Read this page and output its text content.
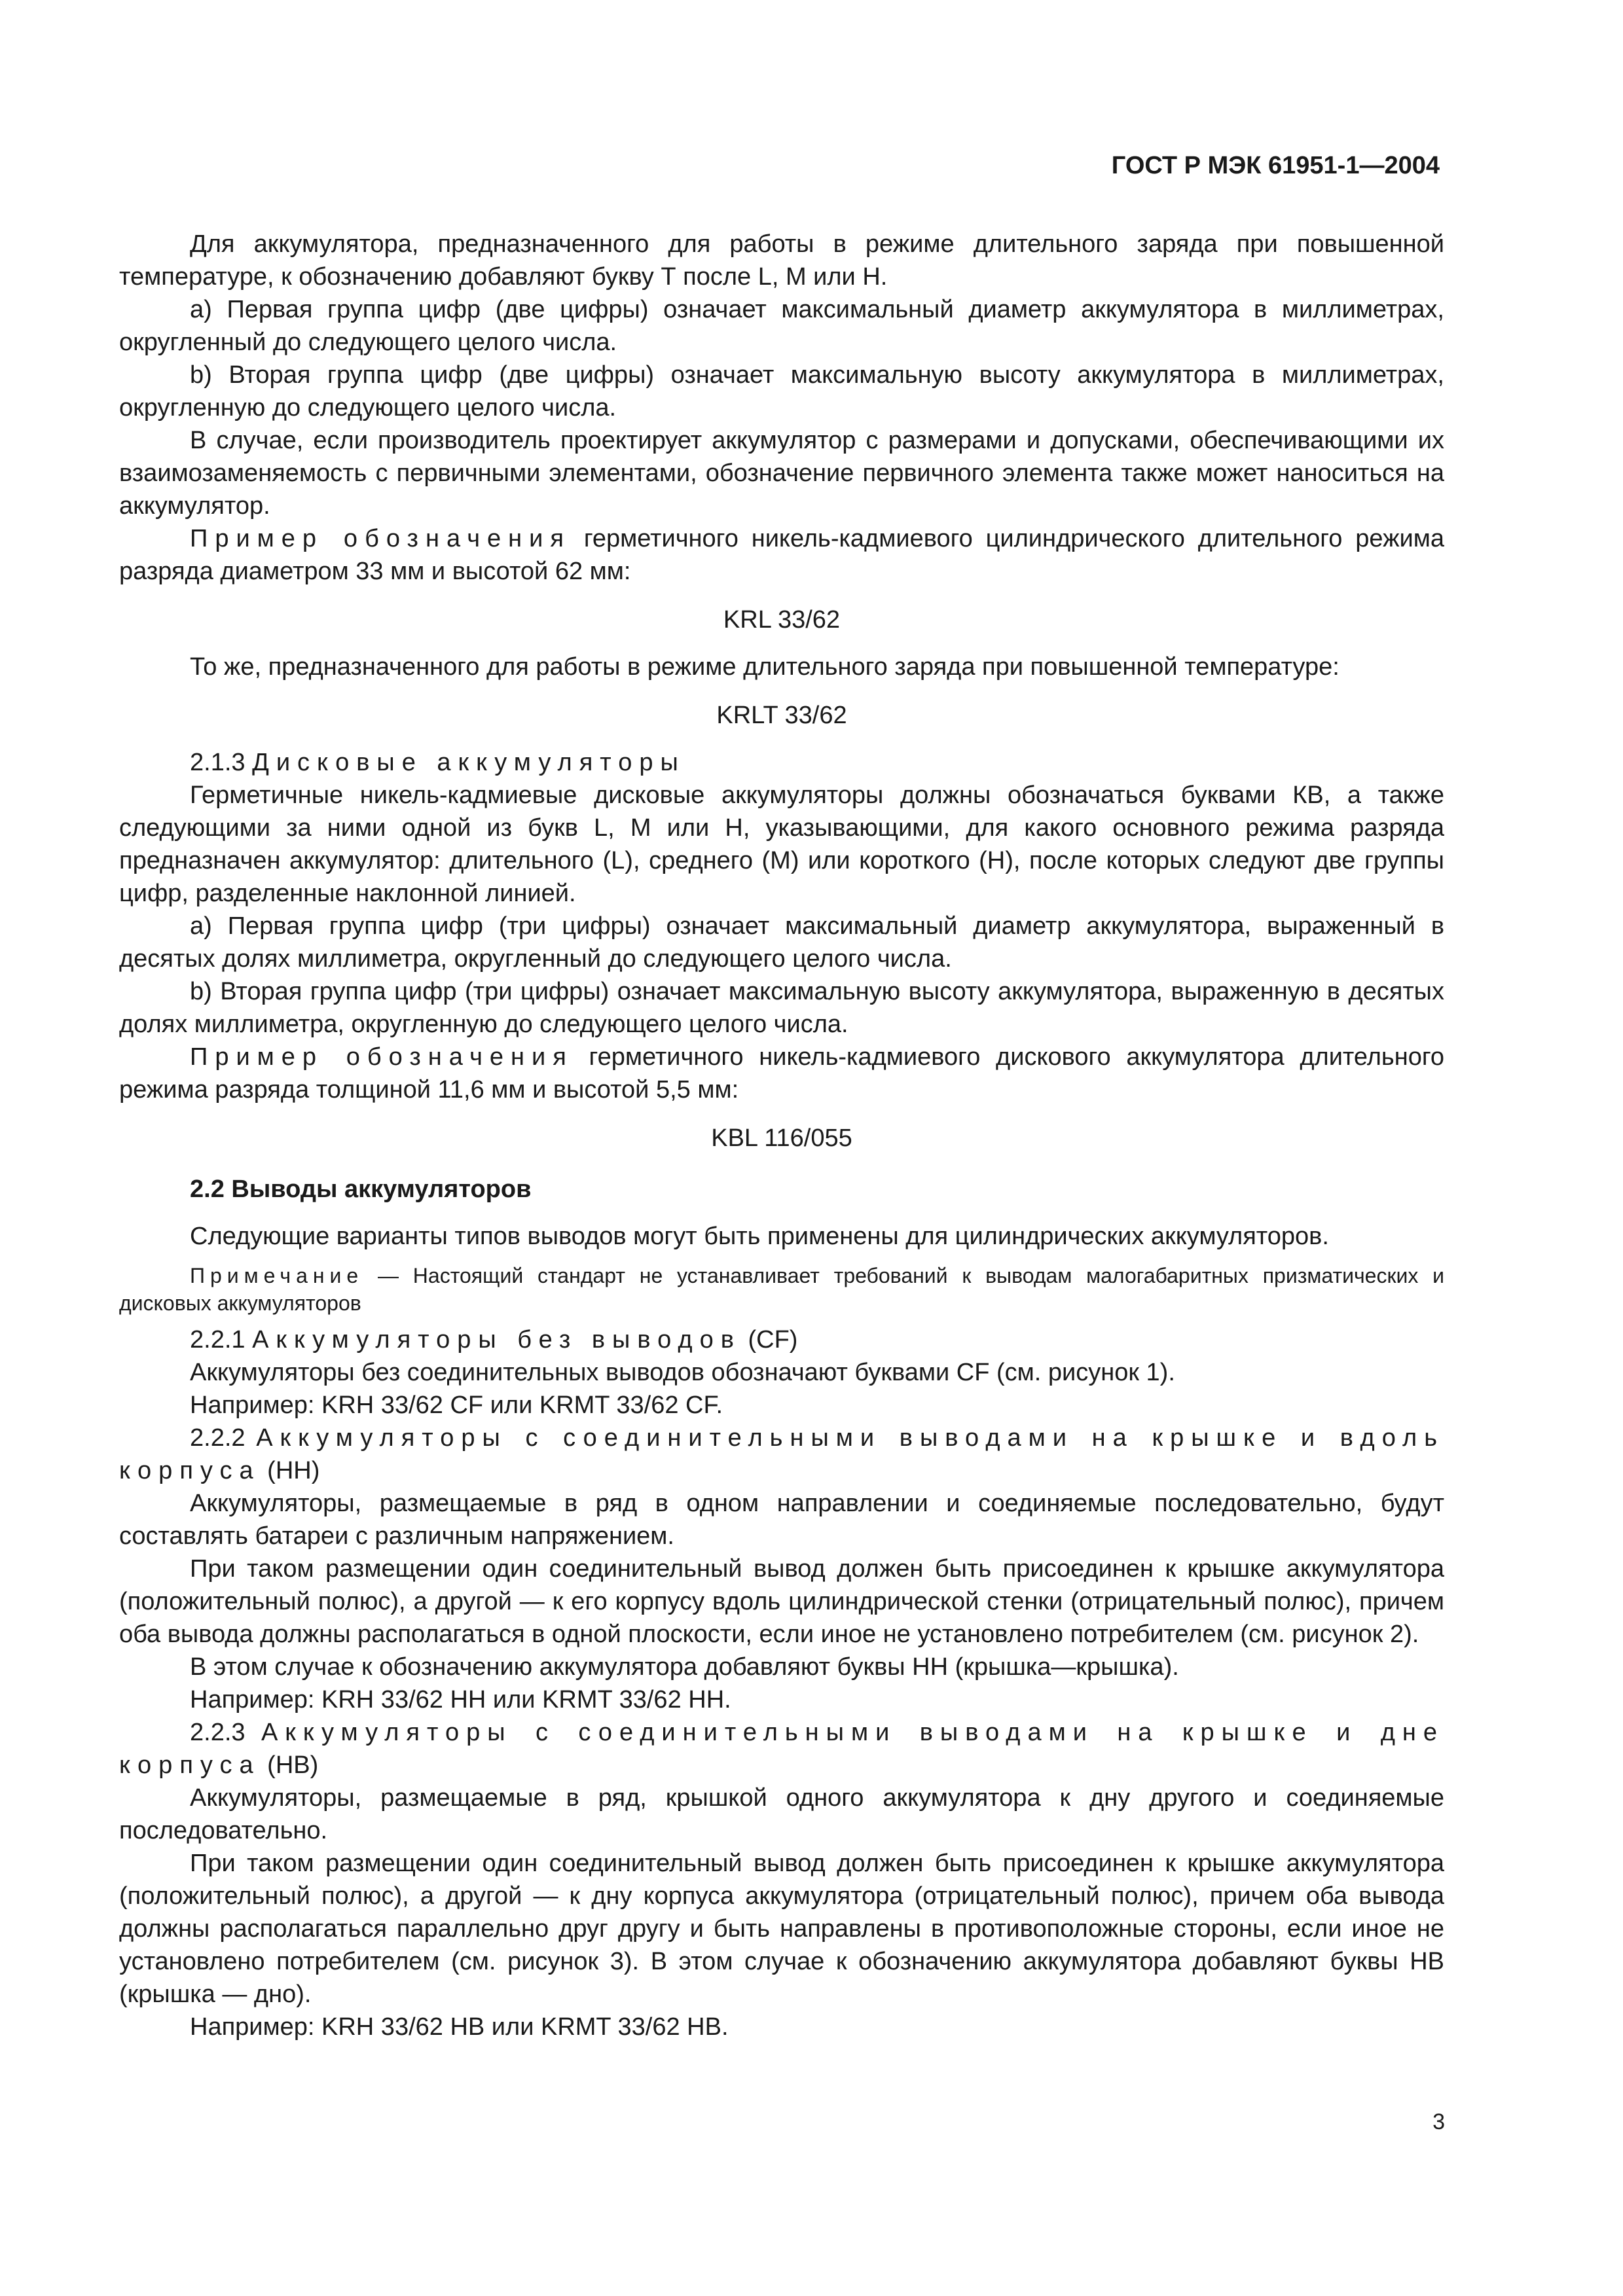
ГОСТ Р МЭК 61951-1—2004

Для аккумулятора, предназначенного для работы в режиме длительного заряда при повышенной температуре, к обозначению добавляют букву Т после L, M или H.

a) Первая группа цифр (две цифры) означает максимальный диаметр аккумулятора в миллиметрах, округленный до следующего целого числа.

b) Вторая группа цифр (две цифры) означает максимальную высоту аккумулятора в миллиметрах, округленную до следующего целого числа.

В случае, если производитель проектирует аккумулятор с размерами и допусками, обеспечивающими их взаимозаменяемость с первичными элементами, обозначение первичного элемента также может наноситься на аккумулятор.

Пример обозначения герметичного никель-кадмиевого цилиндрического длительного режима разряда диаметром 33 мм и высотой 62 мм:

KRL 33/62

То же, предназначенного для работы в режиме длительного заряда при повышенной температуре:

KRLT 33/62

2.1.3 Дисковые аккумуляторы

Герметичные никель-кадмиевые дисковые аккумуляторы должны обозначаться буквами КВ, а также следующими за ними одной из букв L, M или H, указывающими, для какого основного режима разряда предназначен аккумулятор: длительного (L), среднего (M) или короткого (H), после которых следуют две группы цифр, разделенные наклонной линией.

a) Первая группа цифр (три цифры) означает максимальный диаметр аккумулятора, выраженный в десятых долях миллиметра, округленный до следующего целого числа.

b) Вторая группа цифр (три цифры) означает максимальную высоту аккумулятора, выраженную в десятых долях миллиметра, округленную до следующего целого числа.

Пример обозначения герметичного никель-кадмиевого дискового аккумулятора длительного режима разряда толщиной 11,6 мм и высотой 5,5 мм:

KBL 116/055

2.2 Выводы аккумуляторов

Следующие варианты типов выводов могут быть применены для цилиндрических аккумуляторов.

Примечание — Настоящий стандарт не устанавливает требований к выводам малогабаритных призматических и дисковых аккумуляторов

2.2.1 Аккумуляторы без выводов (CF)

Аккумуляторы без соединительных выводов обозначают буквами CF (см. рисунок 1).

Например: KRH 33/62 CF или KRMT 33/62 CF.

2.2.2 Аккумуляторы с соединительными выводами на крышке и вдоль корпуса (HH)

Аккумуляторы, размещаемые в ряд в одном направлении и соединяемые последовательно, будут составлять батареи с различным напряжением.

При таком размещении один соединительный вывод должен быть присоединен к крышке аккумулятора (положительный полюс), а другой — к его корпусу вдоль цилиндрической стенки (отрицательный полюс), причем оба вывода должны располагаться в одной плоскости, если иное не установлено потребителем (см. рисунок 2).

В этом случае к обозначению аккумулятора добавляют буквы HH (крышка—крышка).

Например: KRH 33/62 HH или KRMT 33/62 HH.

2.2.3 Аккумуляторы с соединительными выводами на крышке и дне корпуса (HB)

Аккумуляторы, размещаемые в ряд, крышкой одного аккумулятора к дну другого и соединяемые последовательно.

При таком размещении один соединительный вывод должен быть присоединен к крышке аккумулятора (положительный полюс), а другой — к дну корпуса аккумулятора (отрицательный полюс), причем оба вывода должны располагаться параллельно друг другу и быть направлены в противоположные стороны, если иное не установлено потребителем (см. рисунок 3). В этом случае к обозначению аккумулятора добавляют буквы HB (крышка — дно).

Например: KRH 33/62 HB или KRMT 33/62 HB.

3
